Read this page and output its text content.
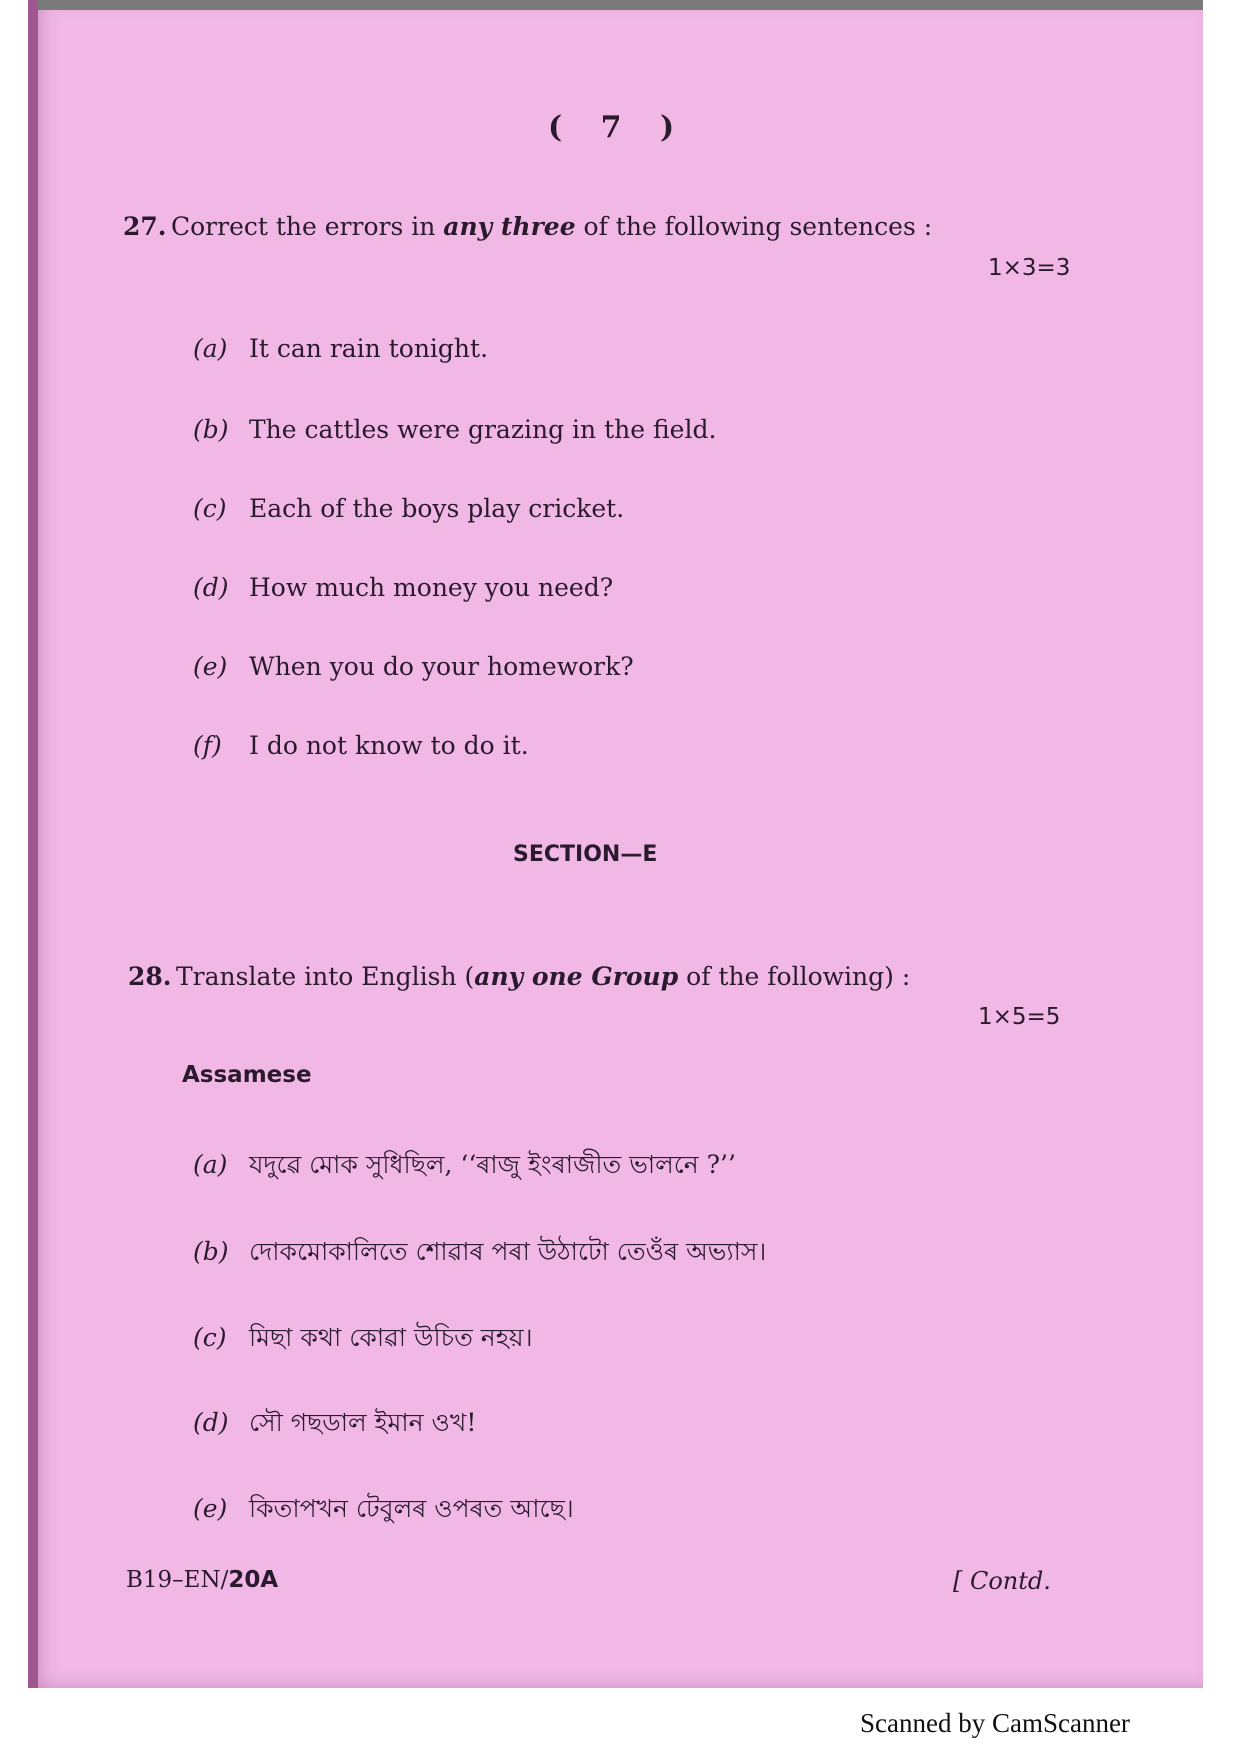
( 7 )
27. Correct the errors in any three of the following sentences :
1×3=3
(a) It can rain tonight.
(b) The cattles were grazing in the field.
(c) Each of the boys play cricket.
(d) How much money you need?
(e) When you do your homework?
(f) I do not know to do it.
SECTION—E
28. Translate into English (any one Group of the following) :
1×5=5
Assamese
(a) যদুৱে মোক সুধিছিল, ‘‘ৰাজু ইংৰাজীত ভালনে ?’’
(b) দোকমোকালিতে শোৱাৰ পৰা উঠাটো তেওঁৰ অভ্যাস।
(c) মিছা কথা কোৱা উচিত নহয়।
(d) সৌ গছডাল ইমান ওখ!
(e) কিতাপখন টেবুলৰ ওপৰত আছে।
B19–EN/20A	[ Contd.
Scanned by CamScanner
